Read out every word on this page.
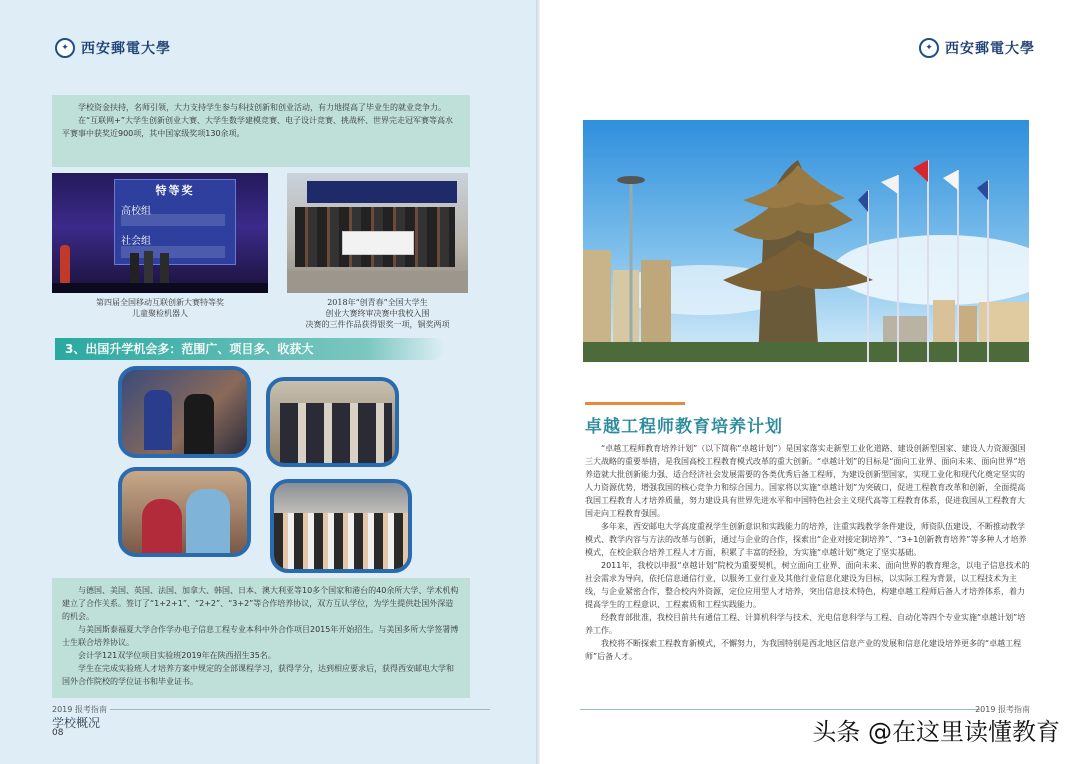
✦ 西安郵電大學

学校资金扶持，名师引领，大力支持学生参与科技创新和创业活动，有力地提高了毕业生的就业竞争力。

在“互联网+”大学生创新创业大赛、大学生数学建模竞赛、电子设计竞赛、挑战杯、世界完走冠军赛等高水平赛事中获奖近900项，其中国家级奖项130余项。

特等奖
高校组
社会组
第四届全国移动互联创新大赛特等奖
儿童聚检机器人
2018年“创青春”全国大学生
创业大赛终审决赛中我校入围
决赛的三件作品获得银奖一项，铜奖两项
3、出国升学机会多：范围广、项目多、收获大

与德国、美国、英国、法国、加拿大、韩国、日本、澳大利亚等10多个国家和港台的40余所大学、学术机构建立了合作关系。签订了“1+2+1”、“2+2”、“3+2”等合作培养协议，双方互认学位，为学生提供赴国外深造的机会。

与美国斯泰福夏大学合作学办电子信息工程专业本科中外合作项目2015年开始招生。与美国多所大学签署博士生联合培养协议。

会计学121双学位项目实验班2019年在陕西招生35名。

学生在完成实验班人才培养方案中规定的全部课程学习，获得学分，达到相应要求后，获得西安邮电大学和国外合作院校的学位证书和毕业证书。

2019 报考指南
学校概况
08
✦ 西安郵電大學
卓越工程师教育培养计划

“卓越工程师教育培养计划”（以下简称“卓越计划”）是国家落实走新型工业化道路、建设创新型国家、建设人力资源强国三大战略的重要举措，是我国高校工程教育模式改革的重大创新。“卓越计划”的目标是“面向工业界、面向未来、面向世界”培养造就大批创新能力强、适合经济社会发展需要的各类优秀后备工程师，为建设创新型国家，实现工业化和现代化奠定坚实的人力资源优势，增强我国的核心竞争力和综合国力。国家将以实施“卓越计划”为突破口，促进工程教育改革和创新，全面提高我国工程教育人才培养质量，努力建设具有世界先进水平和中国特色社会主义现代高等工程教育体系，促进我国从工程教育大国走向工程教育强国。

多年来，西安邮电大学高度重视学生创新意识和实践能力的培养，注重实践教学条件建设，师资队伍建设，不断推动教学模式、教学内容与方法的改革与创新，通过与企业的合作，探索出“企业对接定制培养”、“3+1创新教育培养”等多种人才培养模式，在校企联合培养工程人才方面，积累了丰富的经验，为实施“卓越计划”奠定了坚实基础。

2011年，我校以申报“卓越计划”院校为重要契机，树立面向工业界、面向未来、面向世界的教育理念，以电子信息技术的社会需求为导向，依托信息通信行业，以服务工业行业及其他行业信息化建设为目标，以实际工程为背景，以工程技术为主线，与企业紧密合作，整合校内外资源，定位应用型人才培养，突出信息技术特色，构建卓越工程师后备人才培养体系，着力提高学生的工程意识、工程素质和工程实践能力。

经教育部批准，我校目前共有通信工程、计算机科学与技术、光电信息科学与工程、自动化等四个专业实施“卓越计划”培养工作。

我校将不断探索工程教育新模式，不懈努力，为我国特别是西北地区信息产业的发展和信息化建设培养更多的“卓越工程师”后备人才。

2019 报考指南
头条 @在这里读懂教育
